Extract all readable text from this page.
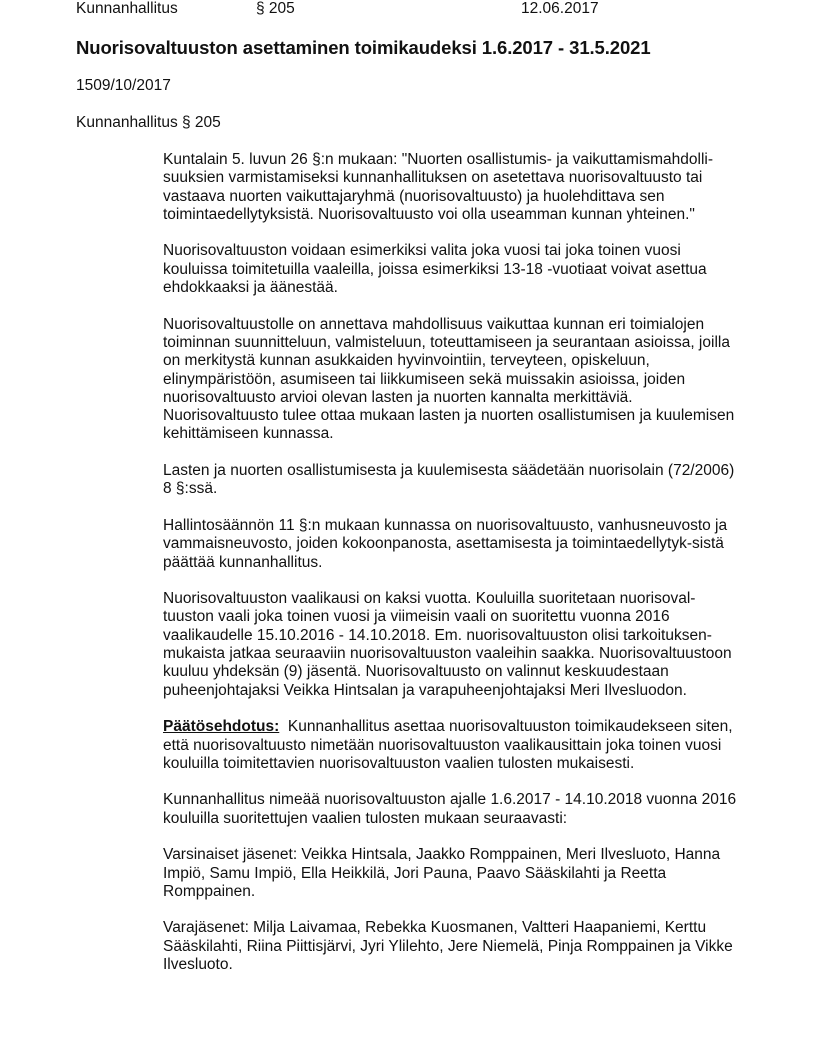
Kunnanhallitus	§ 205	12.06.2017
Nuorisovaltuuston asettaminen toimikaudeksi 1.6.2017 - 31.5.2021
1509/10/2017
Kunnanhallitus § 205

Kuntalain 5. luvun 26 §:n mukaan: "Nuorten osallistumis- ja vaikuttamismahdolli-suuksien varmistamiseksi kunnanhallituksen on asetettava nuorisovaltuusto tai vastaava nuorten vaikuttajaryhmä (nuorisovaltuusto) ja huolehdittava sen toimintaedellytyksistä. Nuorisovaltuusto voi olla useamman kunnan yhteinen."

Nuorisovaltuuston voidaan esimerkiksi valita joka vuosi tai joka toinen vuosi kouluissa toimitetuilla vaaleilla, joissa esimerkiksi 13-18 -vuotiaat voivat asettua ehdokkaaksi ja äänestää.

Nuorisovaltuustolle on annettava mahdollisuus vaikuttaa kunnan eri toimialojen toiminnan suunnitteluun, valmisteluun, toteuttamiseen ja seurantaan asioissa, joilla on merkitystä kunnan asukkaiden hyvinvointiin, terveyteen, opiskeluun, elinympäristöön, asumiseen tai liikkumiseen sekä muissakin asioissa, joiden nuorisovaltuusto arvioi olevan lasten ja nuorten kannalta merkittäviä. Nuorisovaltuusto tulee ottaa mukaan lasten ja nuorten osallistumisen ja kuulemisen kehittämiseen kunnassa.

Lasten ja nuorten osallistumisesta ja kuulemisesta säädetään nuorisolain (72/2006) 8 §:ssä.

Hallintosäännön 11 §:n mukaan kunnassa on nuorisovaltuusto, vanhusneuvosto ja vammaisneuvosto, joiden kokoonpanosta, asettamisesta ja toimintaedellytyk-sistä päättää kunnanhallitus.

Nuorisovaltuuston vaalikausi on kaksi vuotta. Kouluilla suoritetaan nuorisoval-tuuston vaali joka toinen vuosi ja viimeisin vaali on suoritettu vuonna 2016 vaalikaudelle 15.10.2016 - 14.10.2018. Em. nuorisovaltuuston olisi tarkoituksen-mukaista jatkaa seuraaviin nuorisovaltuuston vaaleihin saakka. Nuorisovaltuustoon kuuluu yhdeksän (9) jäsentä. Nuorisovaltuusto on valinnut keskuudestaan puheenjohtajaksi Veikka Hintsalan ja varapuheenjohtajaksi Meri Ilvesluodon.

Päätösehdotus: Kunnanhallitus asettaa nuorisovaltuuston toimikaudekseen siten, että nuorisovaltuusto nimetään nuorisovaltuuston vaalikausittain joka toinen vuosi kouluilla toimitettavien nuorisovaltuuston vaalien tulosten mukaisesti.

Kunnanhallitus nimeää nuorisovaltuuston ajalle 1.6.2017 - 14.10.2018 vuonna 2016 kouluilla suoritettujen vaalien tulosten mukaan seuraavasti:

Varsinaiset jäsenet: Veikka Hintsala, Jaakko Romppainen, Meri Ilvesluoto, Hanna Impiö, Samu Impiö, Ella Heikkilä, Jori Pauna, Paavo Sääskilahti ja Reetta Romppainen.

Varajäsenet: Milja Laivamaa, Rebekka Kuosmanen, Valtteri Haapaniemi, Kerttu Sääskilahti, Riina Piittisjärvi, Jyri Ylilehto, Jere Niemelä, Pinja Romppainen ja Vikke Ilvesluoto.
